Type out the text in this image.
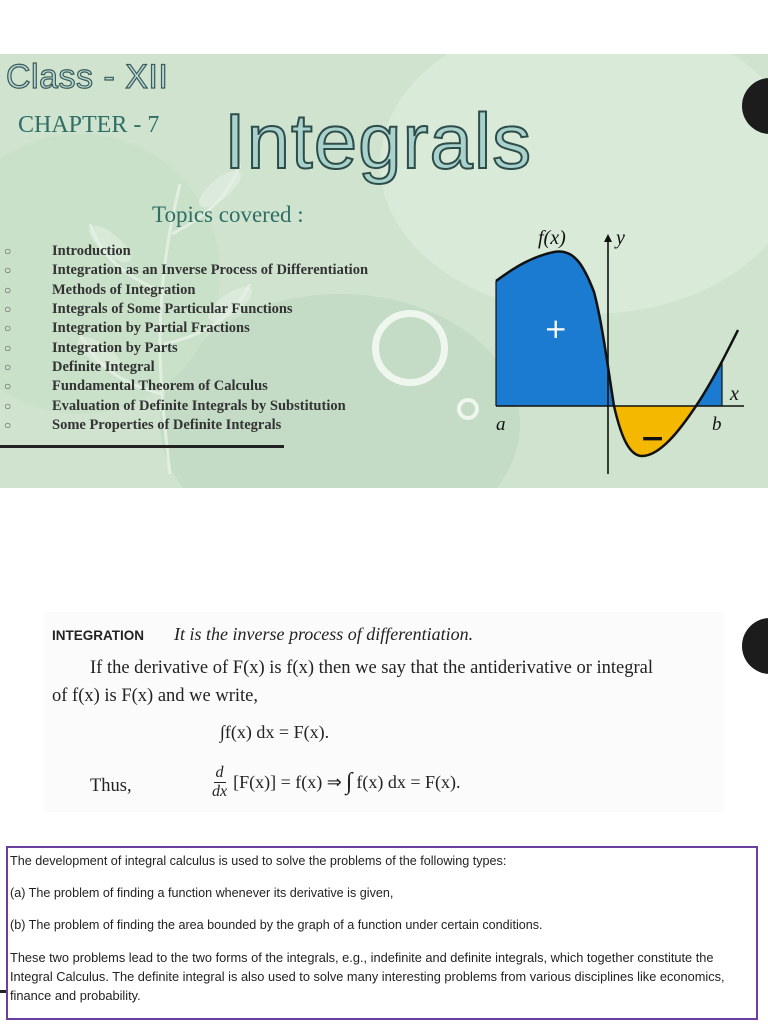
Class - XII
CHAPTER - 7 Integrals
Topics covered :
○	Introduction
○	Integration as an Inverse Process of Differentiation
○	Methods of Integration
○	Integrals of Some Particular Functions
○	Integration by Partial Fractions
○	Integration by Parts
○	Definite Integral
○	Fundamental Theorem of Calculus
○	Evaluation of Definite Integrals by Substitution
○	Some Properties of Definite Integrals
f(x)	y
x
a	b
+
−
INTEGRATION It is the inverse process of differentiation.
If the derivative of F(x) is f(x) then we say that the antiderivative or integral
of f(x) is F(x) and we write,
∫f(x) dx = F(x).
Thus,	$\frac{d}{dx} [F(x)] = f(x)$ ⇒ ∫ f(x) dx = F(x).
The development of integral calculus is used to solve the problems of the following types:
(a) The problem of finding a function whenever its derivative is given,
(b) The problem of finding the area bounded by the graph of a function under certain conditions.
These two problems lead to the two forms of the integrals, e.g., indefinite and definite integrals, which together constitute the Integral Calculus. The definite integral is also used to solve many interesting problems from various disciplines like economics, finance and probability.
